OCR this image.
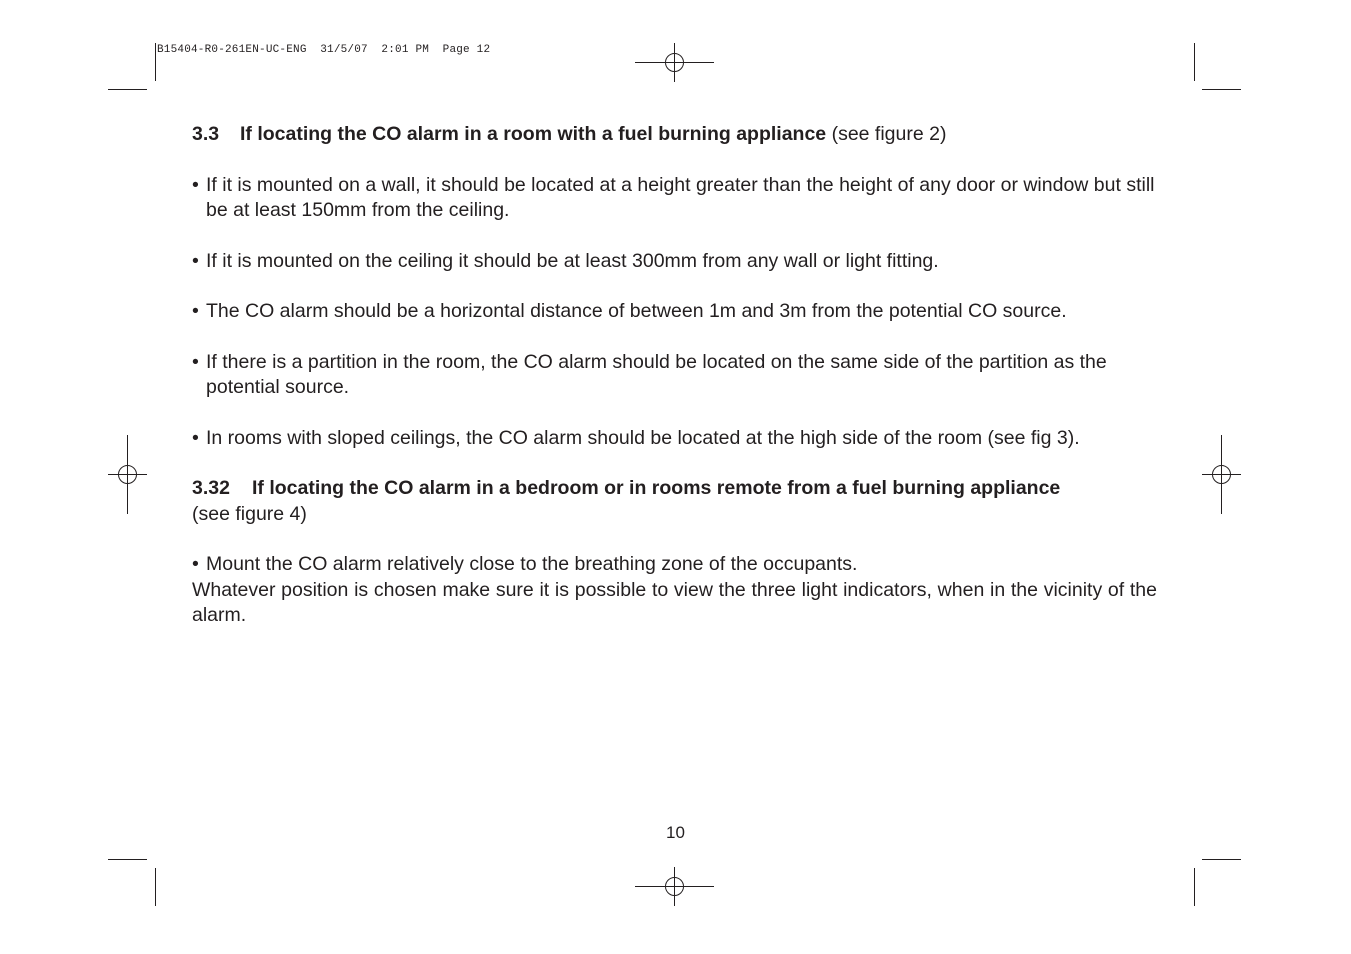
B15404-R0-261EN-UC-ENG  31/5/07  2:01 PM  Page 12
3.3 If locating the CO alarm in a room with a fuel burning appliance (see figure 2)
• If it is mounted on a wall, it should be located at a height greater than the height of any door or window but still be at least 150mm from the ceiling.
• If it is mounted on the ceiling it should be at least 300mm from any wall or light fitting.
• The CO alarm should be a horizontal distance of between 1m and 3m from the potential CO source.
• If there is a partition in the room, the CO alarm should be located on the same side of the partition as the potential source.
• In rooms with sloped ceilings, the CO alarm should be located at the high side of the room (see fig 3).
3.32 If locating the CO alarm in a bedroom or in rooms remote from a fuel burning appliance
(see figure 4)
• Mount the CO alarm relatively close to the breathing zone of the occupants.

Whatever position is chosen make sure it is possible to view the three light indicators, when in the vicinity of the alarm.

10
